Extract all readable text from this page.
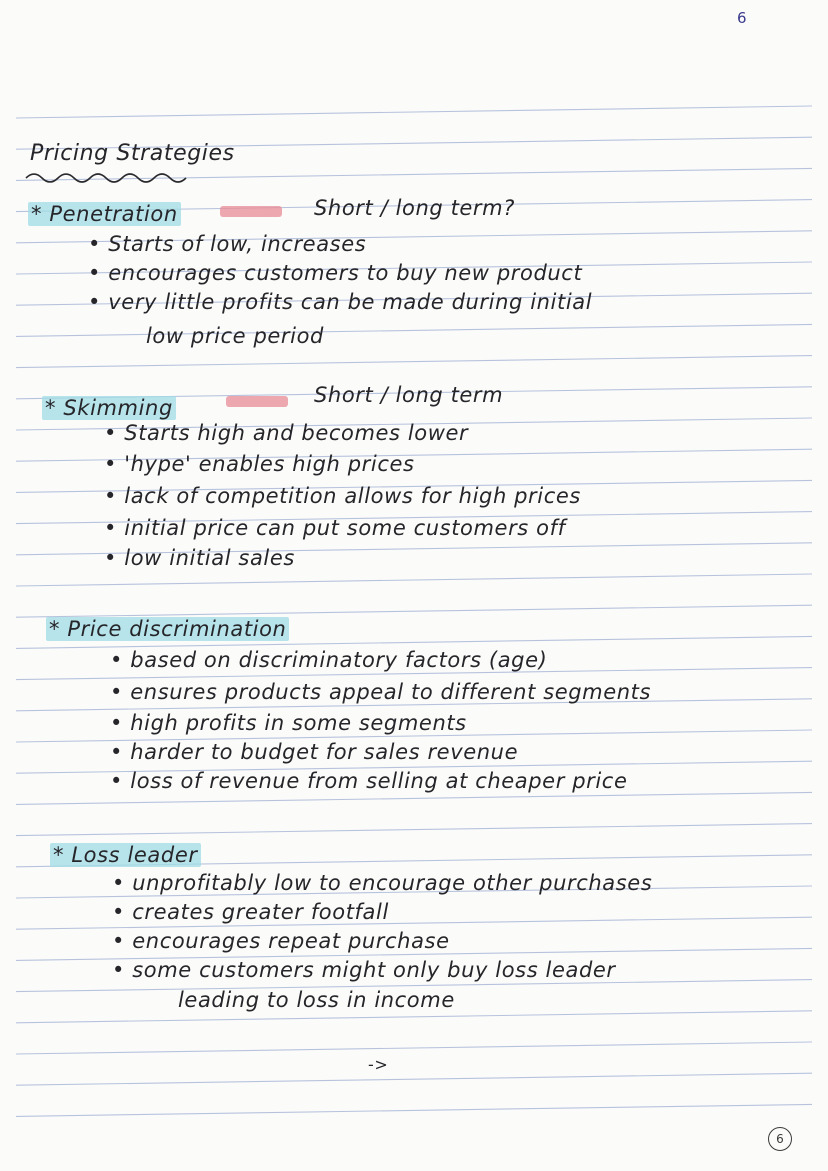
6
Pricing Strategies
* Penetration	Short / long term?
• Starts of low, increases
• encourages customers to buy new product
• very little profits can be made during initial
low price period
* Skimming
Short / long term
• Starts high and becomes lower
• 'hype' enables high prices
• lack of competition allows for high prices
• initial price can put some customers off
• low initial sales
* Price discrimination
• based on discriminatory factors (age)
• ensures products appeal to different segments
• high profits in some segments
• harder to budget for sales revenue
• loss of revenue from selling at cheaper price
* Loss leader
• unprofitably low to encourage other purchases
• creates greater footfall
• encourages repeat purchase
• some customers might only buy loss leader
leading to loss in income
->
6
